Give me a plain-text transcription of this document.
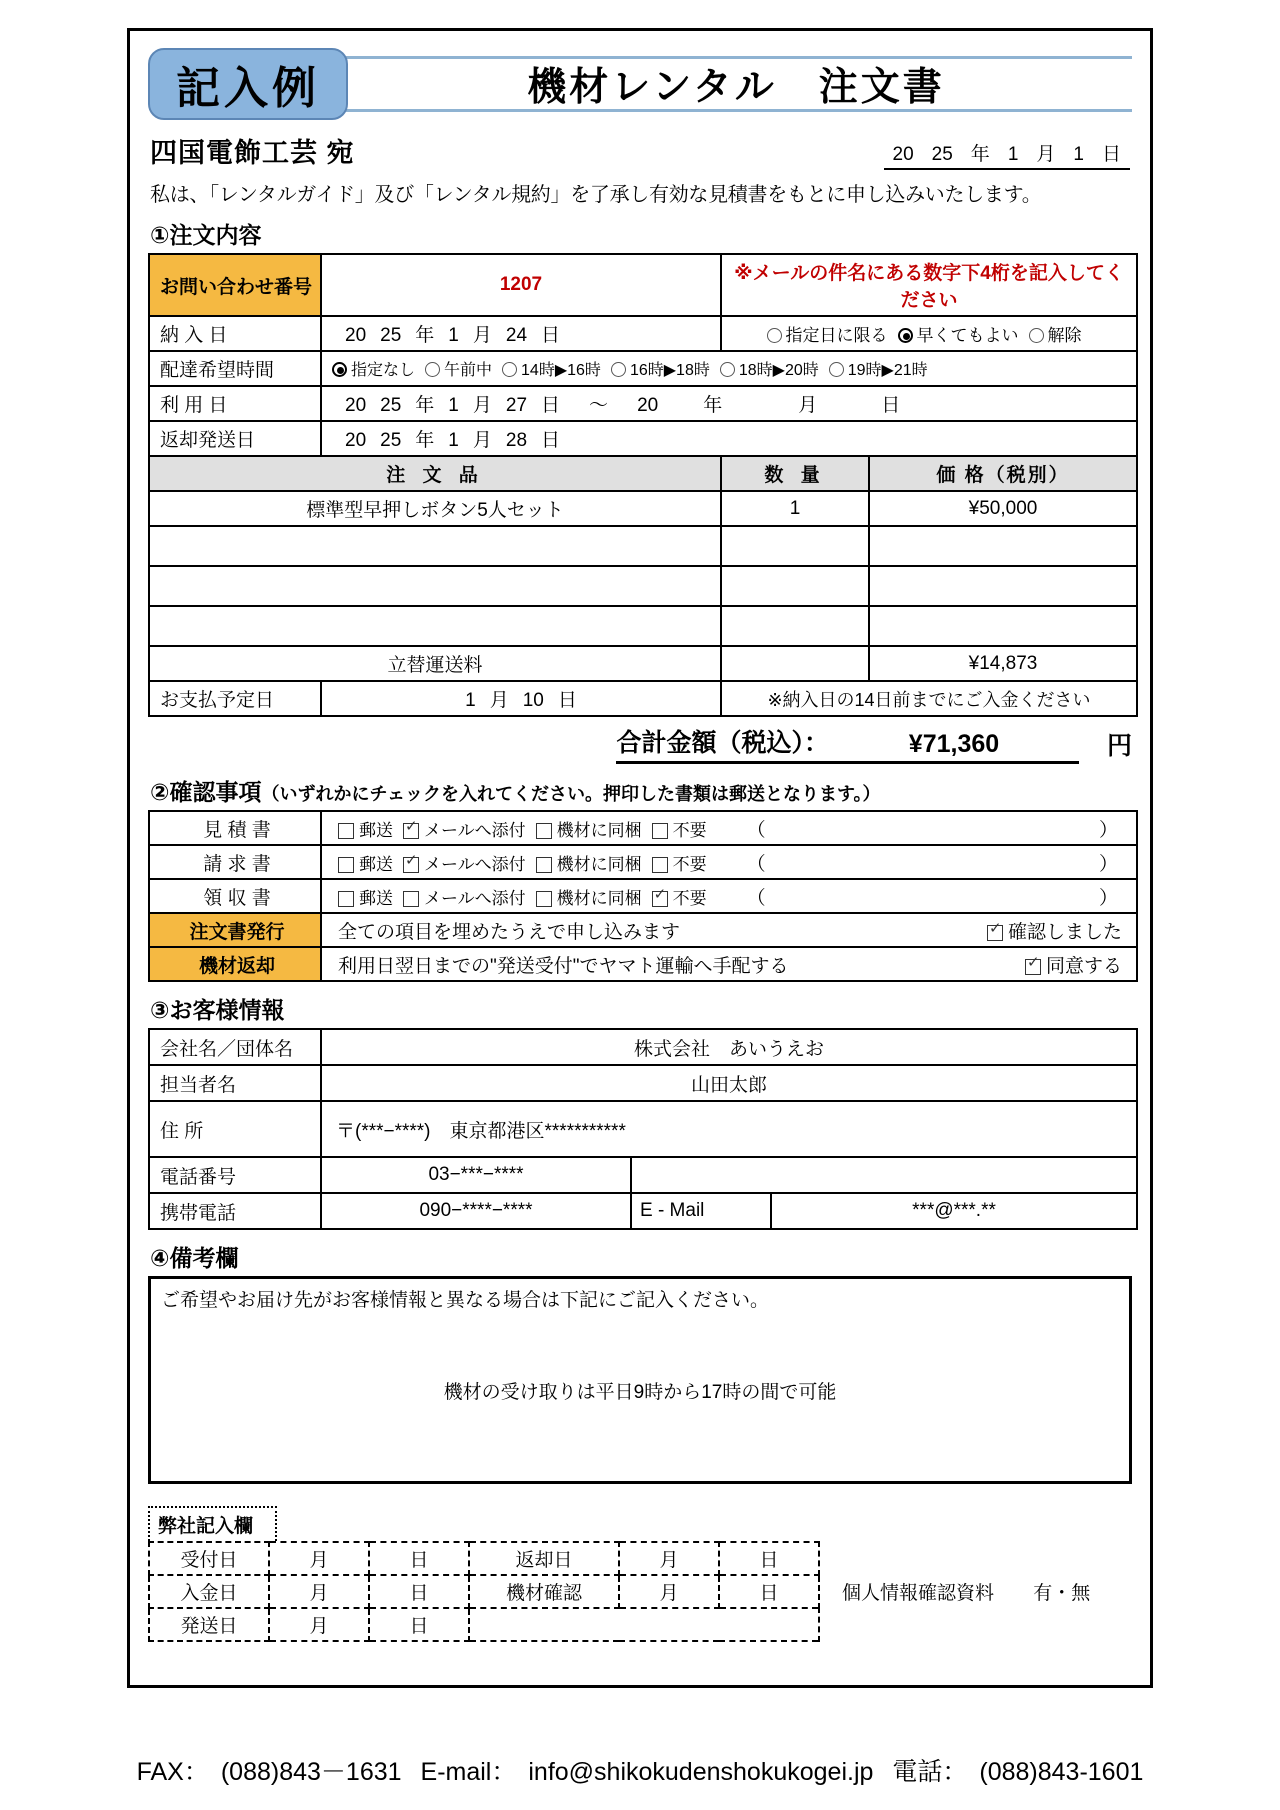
記入例	機材レンタル　注文書
四国電飾工芸 宛	20 25 年 1 月 1 日
私は、「レンタルガイド」及び「レンタル規約」を了承し有効な見積書をもとに申し込みいたします。
①注文内容
お問い合わせ番号	1207	※メールの件名にある数字下4桁を記入してください
納 入 日	20 25 年 1 月 24 日	指定日に限る 早くてもよい 解除
配達希望時間	指定なし 午前中 14時▶16時 16時▶18時 18時▶20時 19時▶21時	
利 用 日	20 25 年 1 月 27 日 ～ 20 年 月 日	
返却発送日	20 25 年 1 月 28 日	
注 文 品	数 量	価 格（税別）
標準型早押しボタン5人セット	1	¥50,000

立替運送料		¥14,873
お支払予定日	1 月 10 日	※納入日の14日前までにご入金ください
合計金額（税込）：	¥71,360	円
②確認事項（いずれかにチェックを入れてください。押印した書類は郵送となります。）
見 積 書	郵送 ✓ メールへ添付 機材に同梱 不要 （ ）

請 求 書	郵送 ✓ メールへ添付 機材に同梱 不要 （ ）

領 収 書	郵送 メールへ添付 機材に同梱 ✓ 不要 （ ）

注文書発行	全ての項目を埋めたうえで申し込みます ✓ 確認しました

機材返却	利用日翌日までの"発送受付"でヤマト運輸へ手配する ✓ 同意する
③お客様情報
会社名／団体名	株式会社　あいうえお		
担当者名	山田太郎		
住 所	〒(***−****)　東京都港区***********		
電話番号	03−***−****		
携帯電話	090−****−****	E - Mail	***@***.**
④備考欄
ご希望やお届け先がお客様情報と異なる場合は下記にご記入ください。
機材の受け取りは平日9時から17時の間で可能
弊社記入欄
受付日	月	日	返却日	月	日	個人情報確認資料 有・無
入金日	月	日	機材確認	月	日	
発送日	月	日				
FAX： (088)843－1631 E-mail： info@shikokudenshokukogei.jp 電話： (088)843-1601
